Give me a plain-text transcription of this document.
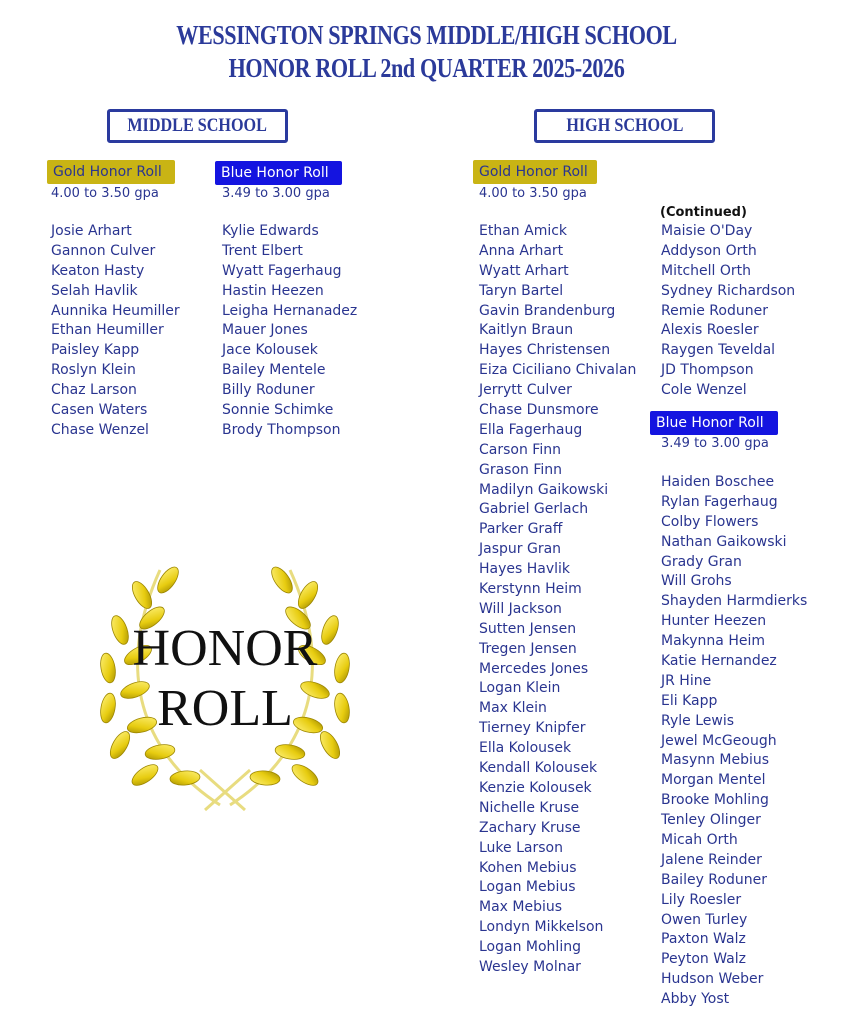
WESSINGTON SPRINGS MIDDLE/HIGH SCHOOL
HONOR ROLL 2nd QUARTER 2025-2026
MIDDLE SCHOOL
Gold Honor Roll
4.00 to 3.50 gpa
Blue Honor Roll
3.49 to 3.00 gpa
Josie Arhart
Gannon Culver
Keaton Hasty
Selah Havlik
Aunnika Heumiller
Ethan Heumiller
Paisley Kapp
Roslyn Klein
Chaz Larson
Casen Waters
Chase Wenzel
Kylie Edwards
Trent Elbert
Wyatt Fagerhaug
Hastin Heezen
Leigha Hernanadez
Mauer Jones
Jace Kolousek
Bailey Mentele
Billy Roduner
Sonnie Schimke
Brody Thompson
HONOR
ROLL
HIGH SCHOOL
Gold Honor Roll
4.00 to 3.50 gpa
Ethan Amick
Anna Arhart
Wyatt Arhart
Taryn Bartel
Gavin Brandenburg
Kaitlyn Braun
Hayes Christensen
Eiza Ciciliano Chivalan
Jerrytt Culver
Chase Dunsmore
Ella Fagerhaug
Carson Finn
Grason Finn
Madilyn Gaikowski
Gabriel Gerlach
Parker Graff
Jaspur Gran
Hayes Havlik
Kerstynn Heim
Will Jackson
Sutten Jensen
Tregen Jensen
Mercedes Jones
Logan Klein
Max Klein
Tierney Knipfer
Ella Kolousek
Kendall Kolousek
Kenzie Kolousek
Nichelle Kruse
Zachary Kruse
Luke Larson
Kohen Mebius
Logan Mebius
Max Mebius
Londyn Mikkelson
Logan Mohling
Wesley Molnar
(Continued)
Maisie O'Day
Addyson Orth
Mitchell Orth
Sydney Richardson
Remie Roduner
Alexis Roesler
Raygen Teveldal
JD Thompson
Cole Wenzel
Blue Honor Roll
3.49 to 3.00 gpa
Haiden Boschee
Rylan Fagerhaug
Colby Flowers
Nathan Gaikowski
Grady Gran
Will Grohs
Shayden Harmdierks
Hunter Heezen
Makynna Heim
Katie Hernandez
JR Hine
Eli Kapp
Ryle Lewis
Jewel McGeough
Masynn Mebius
Morgan Mentel
Brooke Mohling
Tenley Olinger
Micah Orth
Jalene Reinder
Bailey Roduner
Lily Roesler
Owen Turley
Paxton Walz
Peyton Walz
Hudson Weber
Abby Yost
